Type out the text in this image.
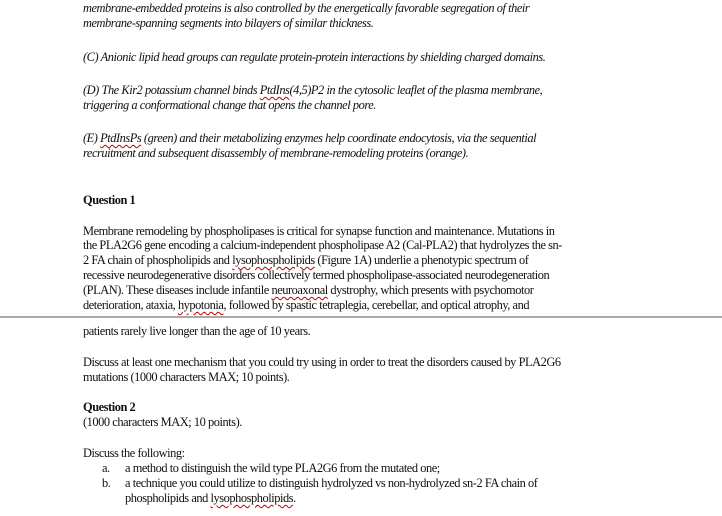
membrane-embedded proteins is also controlled by the energetically favorable segregation of their
membrane-spanning segments into bilayers of similar thickness.
(C) Anionic lipid head groups can regulate protein-protein interactions by shielding charged domains.
(D) The Kir2 potassium channel binds PtdIns(4,5)P2 in the cytosolic leaflet of the plasma membrane,
triggering a conformational change that opens the channel pore.
(E) PtdInsPs (green) and their metabolizing enzymes help coordinate endocytosis, via the sequential
recruitment and subsequent disassembly of membrane-remodeling proteins (orange).
Question 1
Membrane remodeling by phospholipases is critical for synapse function and maintenance. Mutations in
the PLA2G6 gene encoding a calcium-independent phospholipase A2 (Cal-PLA2) that hydrolyzes the sn-
2 FA chain of phospholipids and lysophospholipids (Figure 1A) underlie a phenotypic spectrum of
recessive neurodegenerative disorders collectively termed phospholipase-associated neurodegeneration
(PLAN). These diseases include infantile neuroaxonal dystrophy, which presents with psychomotor
deterioration, ataxia, hypotonia, followed by spastic tetraplegia, cerebellar, and optical atrophy, and
patients rarely live longer than the age of 10 years.
Discuss at least one mechanism that you could try using in order to treat the disorders caused by PLA2G6
mutations (1000 characters MAX; 10 points).
Question 2
(1000 characters MAX; 10 points).
Discuss the following:
a. a method to distinguish the wild type PLA2G6 from the mutated one;
b. a technique you could utilize to distinguish hydrolyzed vs non-hydrolyzed sn-2 FA chain of
phospholipids and lysophospholipids.
